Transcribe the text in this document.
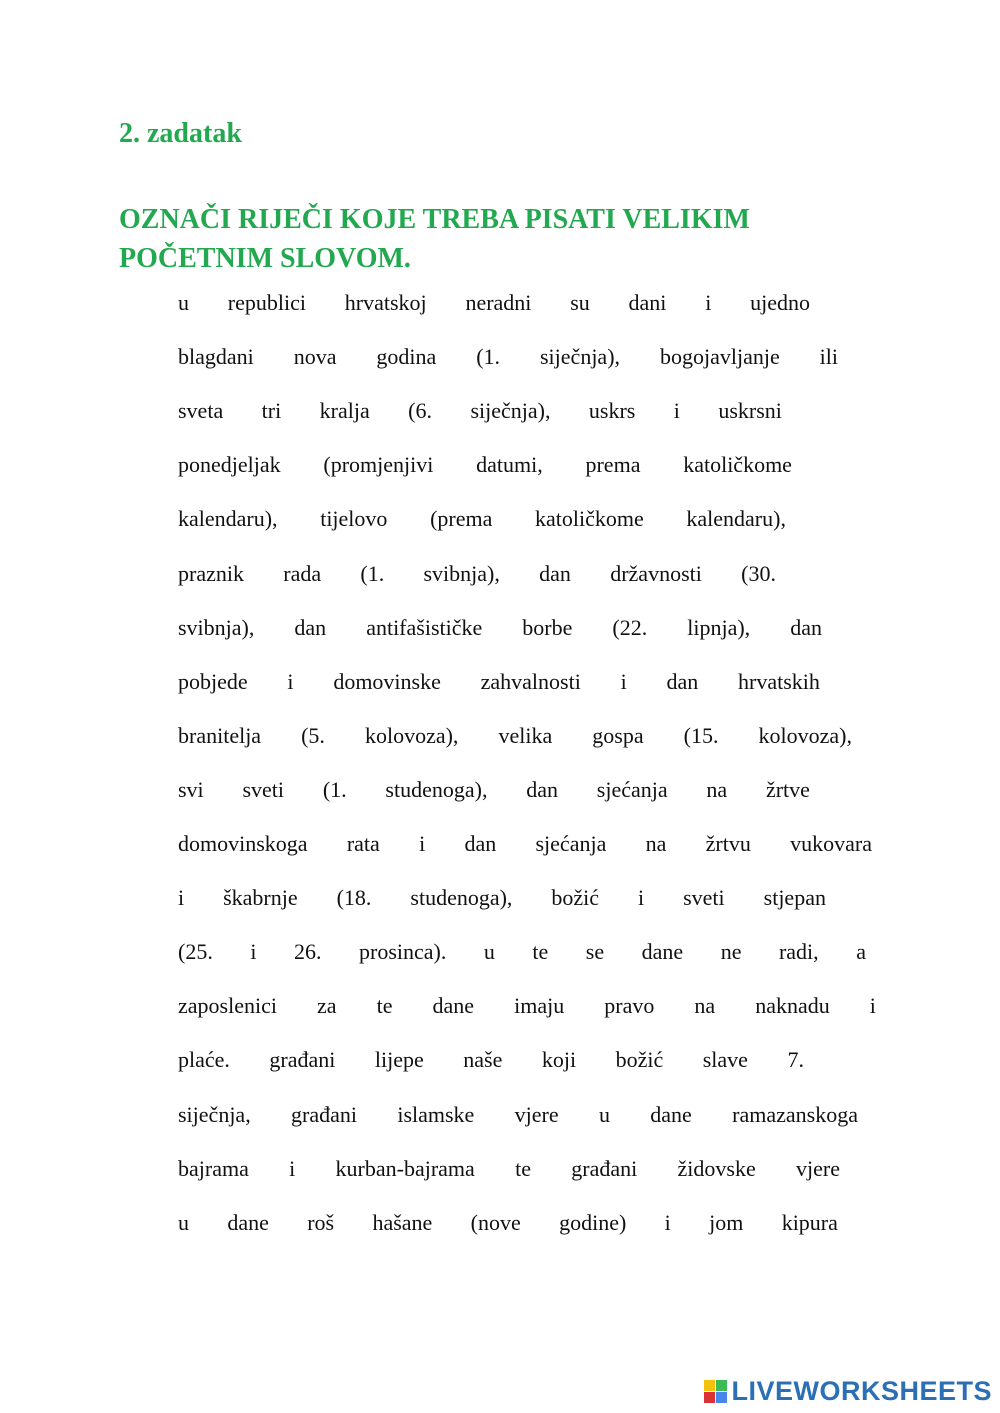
2. zadatak
OZNAČI RIJEČI KOJE TREBA PISATI VELIKIM POČETNIM SLOVOM.
u republici hrvatskoj neradni su dani i ujedno
blagdani nova godina (1. siječnja), bogojavljanje ili
sveta tri kralja (6. siječnja), uskrs i uskrsni
ponedjeljak (promjenjivi datumi, prema katoličkome
kalendaru), tijelovo (prema katoličkome kalendaru),
praznik rada (1. svibnja), dan državnosti (30.
svibnja), dan antifašističke borbe (22. lipnja), dan
pobjede i domovinske zahvalnosti i dan hrvatskih
branitelja (5. kolovoza), velika gospa (15. kolovoza),
svi sveti (1. studenoga), dan sjećanja na žrtve
domovinskoga rata i dan sjećanja na žrtvu vukovara
i škabrnje (18. studenoga), božić i sveti stjepan
(25. i 26. prosinca). u te se dane ne radi, a
zaposlenici za te dane imaju pravo na naknadu i
plaće. građani lijepe naše koji božić slave 7.
siječnja, građani islamske vjere u dane ramazanskoga
bajrama i kurban-bajrama te građani židovske vjere
u dane roš hašane (nove godine) i jom kipura
LIVEWORKSHEETS
